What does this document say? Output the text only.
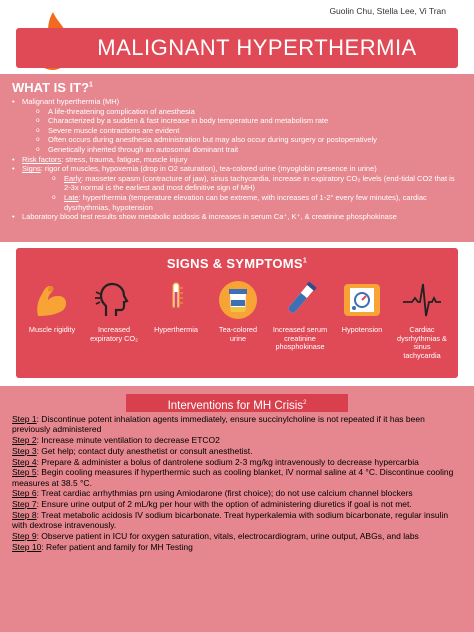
Guolin Chu, Stella Lee, Vi Tran
MALIGNANT HYPERTHERMIA
WHAT IS IT?$^1$
• Malignant hyperthermia (MH)
o A life-threatening complication of anesthesia
o Characterized by a sudden & fast increase in body temperature and metabolism rate
o Severe muscle contractions are evident
o Often occurs during anesthesia administration but may also occur during surgery or postoperatively
o Genetically inherited through an autosomal dominant trait
• Risk factors: stress, trauma, fatigue, muscle injury
• Signs: rigor of muscles, hypoxemia (drop in O2 saturation), tea-colored urine (myoglobin presence in urine)
o Early: masseter spasm (contracture of jaw), sinus tachycardia, increase in expiratory CO₂ levels (end-tidal CO2 that is 2-3x normal is the earliest and most definitive sign of MH)
o Late: hyperthermia (temperature elevation can be extreme, with increases of 1-2° every few minutes), cardiac dysrhythmias, hypotension
• Laboratory blood test results show metabolic acidosis & increases in serum Ca⁺, K⁺, & creatinine phosphokinase
SIGNS & SYMPTOMS$^1$
Muscle rigidity	Increased expiratory CO₂
Hyperthermia	Tea-colored urine
Increased serum creatinine phosphokinase
Hypotension	Cardiac dysrhythmias & sinus tachycardia
Interventions for MH Crisis$^2$

Step 1: Discontinue potent inhalation agents immediately, ensure succinylcholine is not repeated if it has been previously administered

Step 2: Increase minute ventilation to decrease ETCO2

Step 3: Get help; contact duty anesthetist or consult anesthetist.

Step 4: Prepare & administer a bolus of dantrolene sodium 2-3 mg/kg intravenously to decrease hypercarbia

Step 5: Begin cooling measures if hyperthermic such as cooling blanket, IV normal saline at 4 °C. Discontinue cooling measures at 38.5 °C.

Step 6: Treat cardiac arrhythmias prn using Amiodarone (first choice); do not use calcium channel blockers

Step 7: Ensure urine output of 2 mL/kg per hour with the option of administering diuretics if goal is not met.

Step 8: Treat metabolic acidosis IV sodium bicarbonate. Treat hyperkalemia with sodium bicarbonate, regular insulin with dextrose intravenously.

Step 9: Observe patient in ICU for oxygen saturation, vitals, electrocardiogram, urine output, ABGs, and labs

Step 10: Refer patient and family for MH Testing
